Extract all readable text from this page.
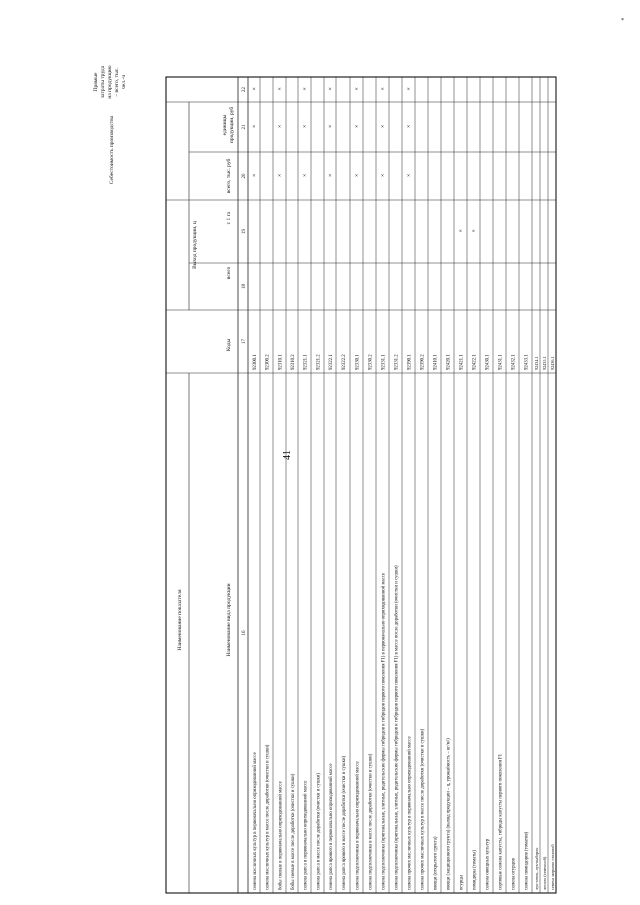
41
Наименование показателя	Наименование вида продукции
Коды
Выход продукции, ц
всего
с 1 га
Себестоимость производства	всего, тыс. руб
единицы продукции, руб
Прямые затраты труда на продукцию – всего, тыс. чел.-ч
16
17
18
19
20
21
22
семена масличных культур в первоначально оприходованной массе
92300.1
×
×
×
семена масличных культур в массе после доработки (очистки и сушки)
92300.2
бобы соевые в первоначально оприходованной массе
92310.1
×
×
×
бобы соевые в массе после доработки (очистки и сушки)
92310.2
семена рапса в первоначально оприходованной массе
92321.1
×
×
×
семена рапса в массе после доработки (очистки и сушки)
92321.2
семена рапса ярового в первоначально оприходованной массе
92322.1
×
×
×
семена рапса ярового в массе после доработки (очистки и сушки)
92322.2
семена подсолнечника в первоначально оприходованной массе
92330.1
×
×
×
семена подсолнечника в массе после доработки (очистки и сушки)
92330.2
семена подсолнечника (оригинальные, элитные, родительские формы гибридов и гибридов первого поколения F1) в первоначально оприходованной массе
92331.1
×
×
×
семена подсолнечника (оригинальные, элитные, родительские формы гибридов и гибридов первого поколения F1) в массе после доработки (очистки и сушки)
92331.2
семена прочих масличных культур в первоначально оприходованной массе
92390.1
×
×
×
семена прочих масличных культур в массе после доработки (очистки и сушки)
92390.2
овощи (открытого грунта)
92410.1
овощи (защищенного грунта) (выход продукции – ц, урожайность – кг/м²)
92420.1
огурцы
92421.1
×
помидоры (томаты)
92422.1
×
семена овощных культур
92430.1
сортовые семена капусты, гибриды капусты первого поколения F1
92431.1
семена огурцов
92432.1
семена помидоров (томатов)
92433.1
лук-севок, лук-выборок
92434.1
чеснок (семенной)
92435.1
семена моркови столовой
92436.1
*
